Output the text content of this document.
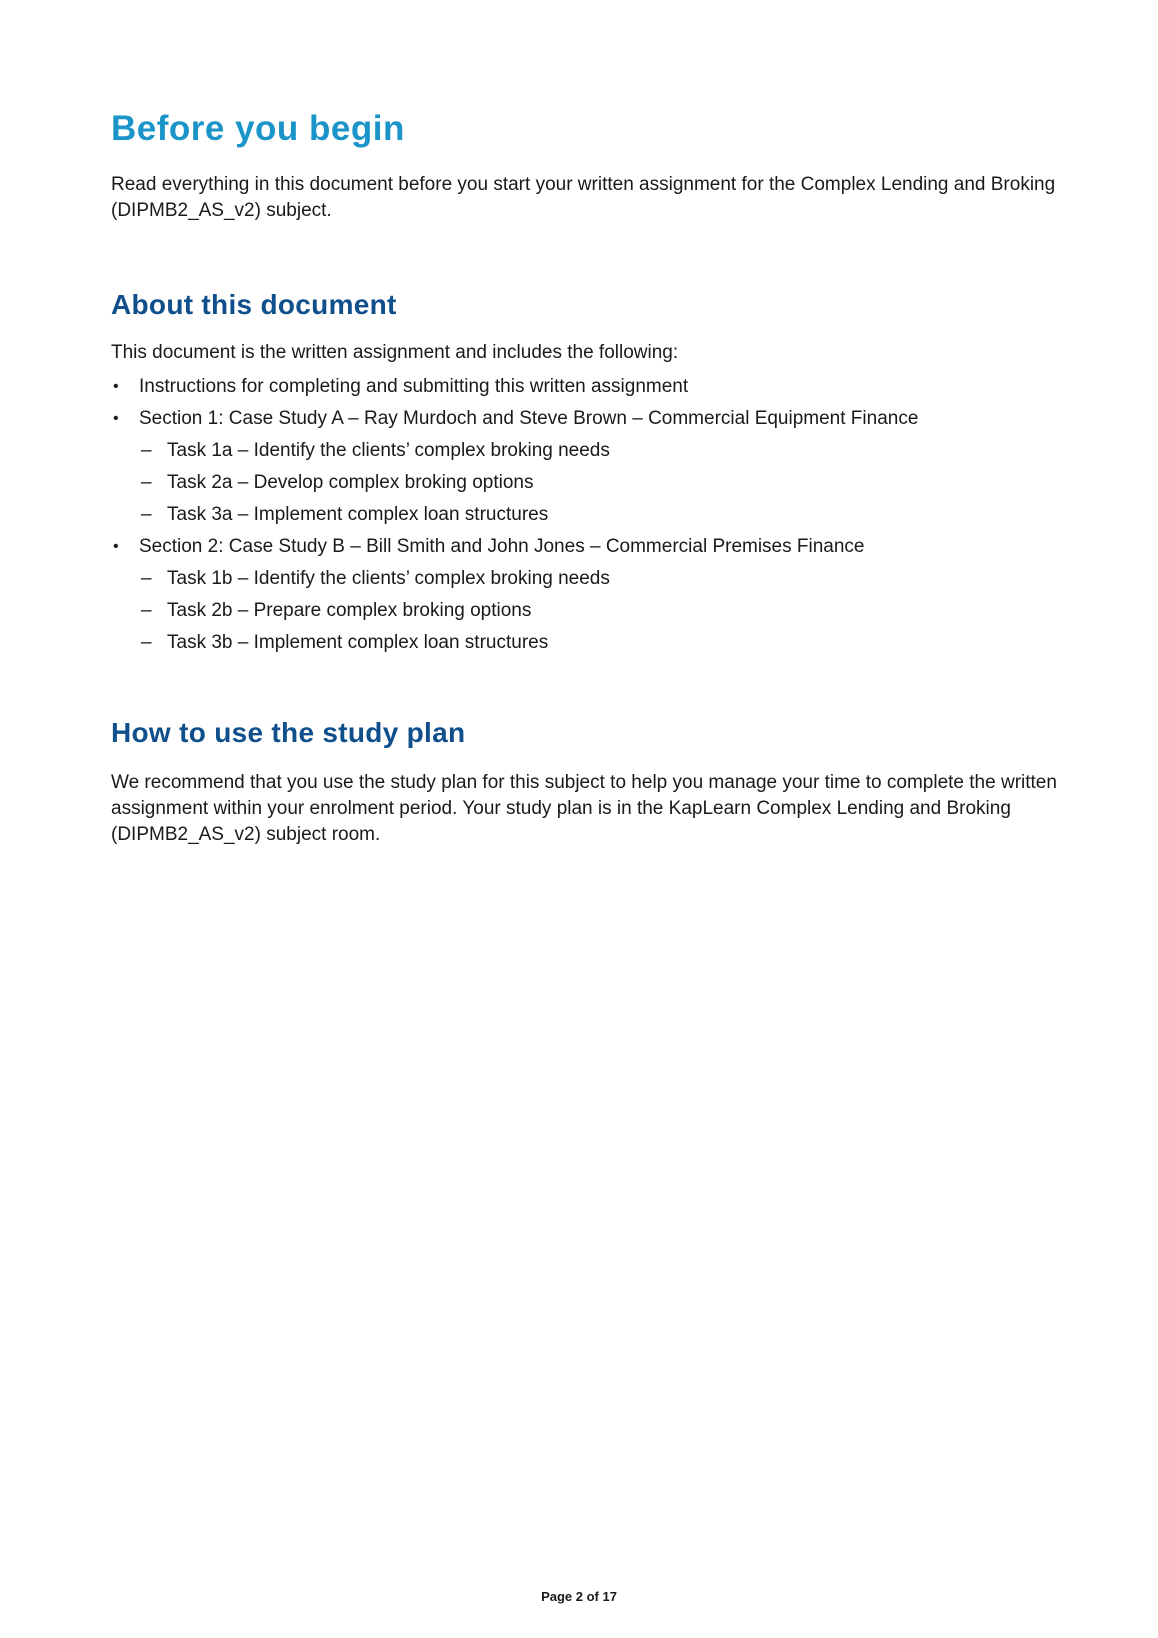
Before you begin

Read everything in this document before you start your written assignment for the Complex Lending and Broking
(DIPMB2_AS_v2) subject.

About this document

This document is the written assignment and includes the following:

• Instructions for completing and submitting this written assignment
• Section 1: Case Study A – Ray Murdoch and Steve Brown – Commercial Equipment Finance
– Task 1a – Identify the clients’ complex broking needs
– Task 2a – Develop complex broking options
– Task 3a – Implement complex loan structures
• Section 2: Case Study B – Bill Smith and John Jones – Commercial Premises Finance
– Task 1b – Identify the clients’ complex broking needs
– Task 2b – Prepare complex broking options
– Task 3b – Implement complex loan structures
How to use the study plan

We recommend that you use the study plan for this subject to help you manage your time to complete the written assignment within your enrolment period. Your study plan is in the KapLearn Complex Lending and Broking
(DIPMB2_AS_v2) subject room.

Page 2 of 17
